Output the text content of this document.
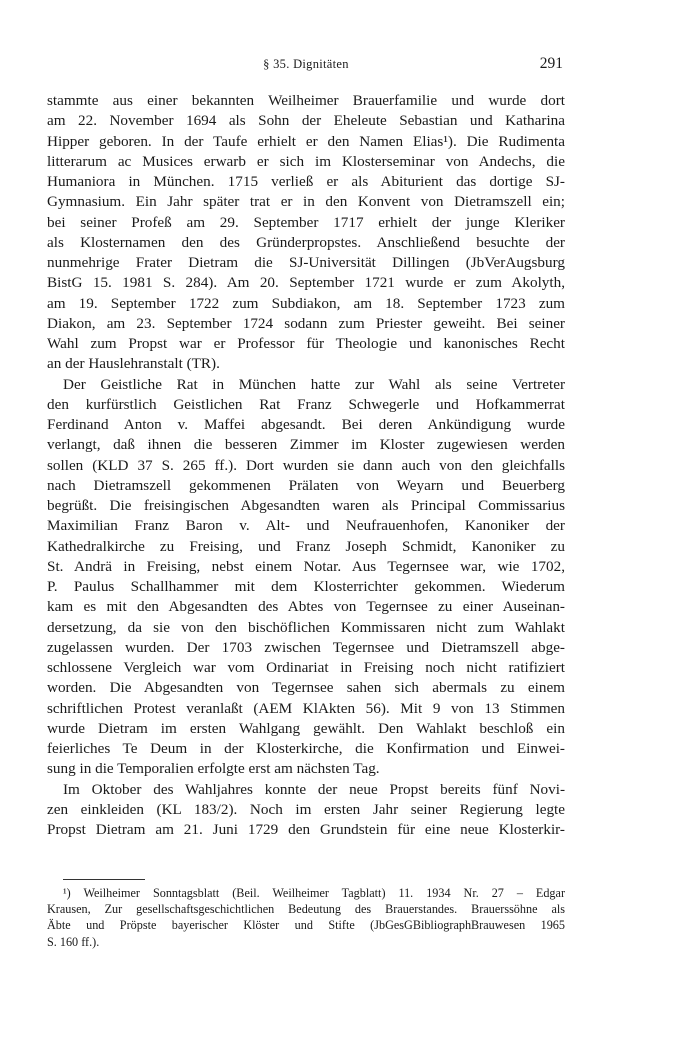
§ 35. Dignitäten	291
stammte aus einer bekannten Weilheimer Brauerfamilie und wurde dort
am 22. November 1694 als Sohn der Eheleute Sebastian und Katharina
Hipper geboren. In der Taufe erhielt er den Namen Elias¹). Die Rudimenta
litterarum ac Musices erwarb er sich im Klosterseminar von Andechs, die
Humaniora in München. 1715 verließ er als Abiturient das dortige SJ-
Gymnasium. Ein Jahr später trat er in den Konvent von Dietramszell ein;
bei seiner Profeß am 29. September 1717 erhielt der junge Kleriker
als Klosternamen den des Gründerpropstes. Anschließend besuchte der
nunmehrige Frater Dietram die SJ-Universität Dillingen (JbVerAugsburg
BistG 15. 1981 S. 284). Am 20. September 1721 wurde er zum Akolyth,
am 19. September 1722 zum Subdiakon, am 18. September 1723 zum
Diakon, am 23. September 1724 sodann zum Priester geweiht. Bei seiner
Wahl zum Propst war er Professor für Theologie und kanonisches Recht
an der Hauslehranstalt (TR).
Der Geistliche Rat in München hatte zur Wahl als seine Vertreter
den kurfürstlich Geistlichen Rat Franz Schwegerle und Hofkammerrat
Ferdinand Anton v. Maffei abgesandt. Bei deren Ankündigung wurde
verlangt, daß ihnen die besseren Zimmer im Kloster zugewiesen werden
sollen (KLD 37 S. 265 ff.). Dort wurden sie dann auch von den gleichfalls
nach Dietramszell gekommenen Prälaten von Weyarn und Beuerberg
begrüßt. Die freisingischen Abgesandten waren als Principal Commissarius
Maximilian Franz Baron v. Alt- und Neufrauenhofen, Kanoniker der
Kathedralkirche zu Freising, und Franz Joseph Schmidt, Kanoniker zu
St. Andrä in Freising, nebst einem Notar. Aus Tegernsee war, wie 1702,
P. Paulus Schallhammer mit dem Klosterrichter gekommen. Wiederum
kam es mit den Abgesandten des Abtes von Tegernsee zu einer Auseinan-
dersetzung, da sie von den bischöflichen Kommissaren nicht zum Wahlakt
zugelassen wurden. Der 1703 zwischen Tegernsee und Dietramszell abge-
schlossene Vergleich war vom Ordinariat in Freising noch nicht ratifiziert
worden. Die Abgesandten von Tegernsee sahen sich abermals zu einem
schriftlichen Protest veranlaßt (AEM KlAkten 56). Mit 9 von 13 Stimmen
wurde Dietram im ersten Wahlgang gewählt. Den Wahlakt beschloß ein
feierliches Te Deum in der Klosterkirche, die Konfirmation und Einwei-
sung in die Temporalien erfolgte erst am nächsten Tag.
Im Oktober des Wahljahres konnte der neue Propst bereits fünf Novi-
zen einkleiden (KL 183/2). Noch im ersten Jahr seiner Regierung legte
Propst Dietram am 21. Juni 1729 den Grundstein für eine neue Klosterkir-
¹) Weilheimer Sonntagsblatt (Beil. Weilheimer Tagblatt) 11. 1934 Nr. 27 – Edgar
Krausen, Zur gesellschaftsgeschichtlichen Bedeutung des Brauerstandes. Brauerssöhne als
Äbte und Pröpste bayerischer Klöster und Stifte (JbGesGBibliographBrauwesen 1965
S. 160 ff.).
